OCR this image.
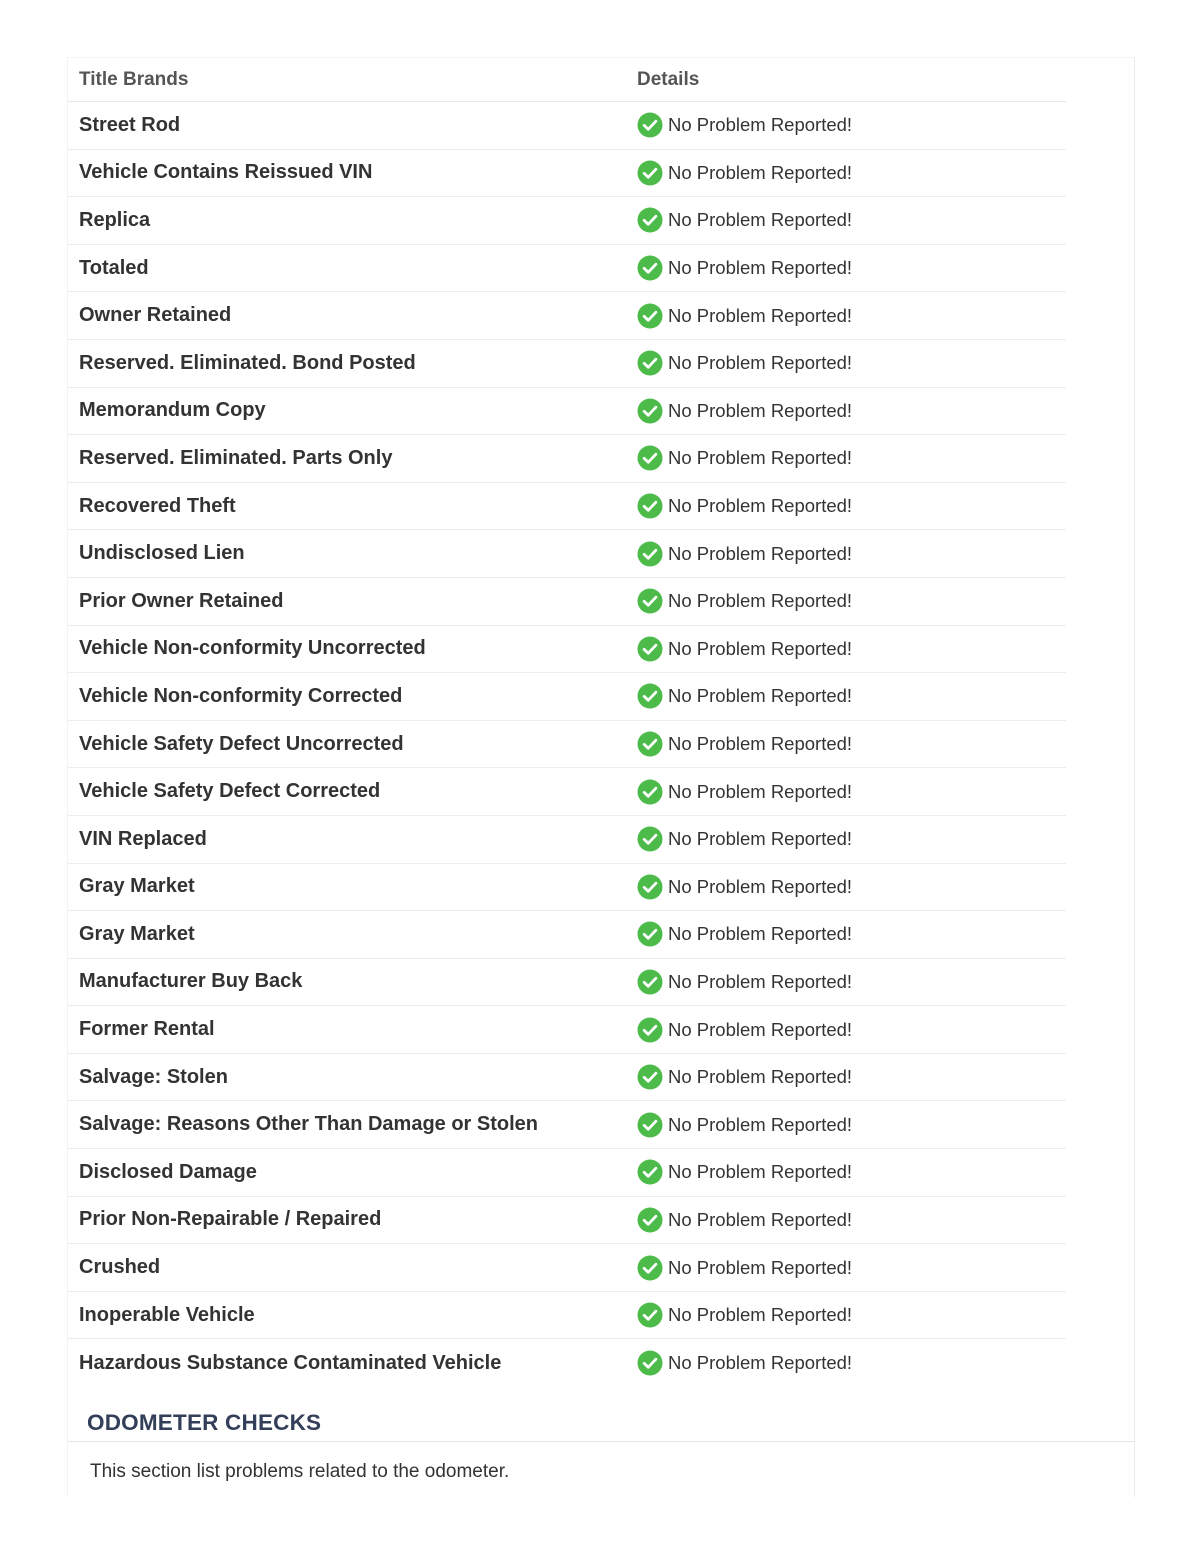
Title Brands	Details
Street Rod	No Problem Reported!
Vehicle Contains Reissued VIN	No Problem Reported!
Replica	No Problem Reported!
Totaled	No Problem Reported!
Owner Retained	No Problem Reported!
Reserved. Eliminated. Bond Posted	No Problem Reported!
Memorandum Copy	No Problem Reported!
Reserved. Eliminated. Parts Only	No Problem Reported!
Recovered Theft	No Problem Reported!
Undisclosed Lien	No Problem Reported!
Prior Owner Retained	No Problem Reported!
Vehicle Non-conformity Uncorrected	No Problem Reported!
Vehicle Non-conformity Corrected	No Problem Reported!
Vehicle Safety Defect Uncorrected	No Problem Reported!
Vehicle Safety Defect Corrected	No Problem Reported!
VIN Replaced	No Problem Reported!
Gray Market	No Problem Reported!
Gray Market	No Problem Reported!
Manufacturer Buy Back	No Problem Reported!
Former Rental	No Problem Reported!
Salvage: Stolen	No Problem Reported!
Salvage: Reasons Other Than Damage or Stolen	No Problem Reported!
Disclosed Damage	No Problem Reported!
Prior Non-Repairable / Repaired	No Problem Reported!
Crushed	No Problem Reported!
Inoperable Vehicle	No Problem Reported!
Hazardous Substance Contaminated Vehicle	No Problem Reported!
ODOMETER CHECKS
This section list problems related to the odometer.
